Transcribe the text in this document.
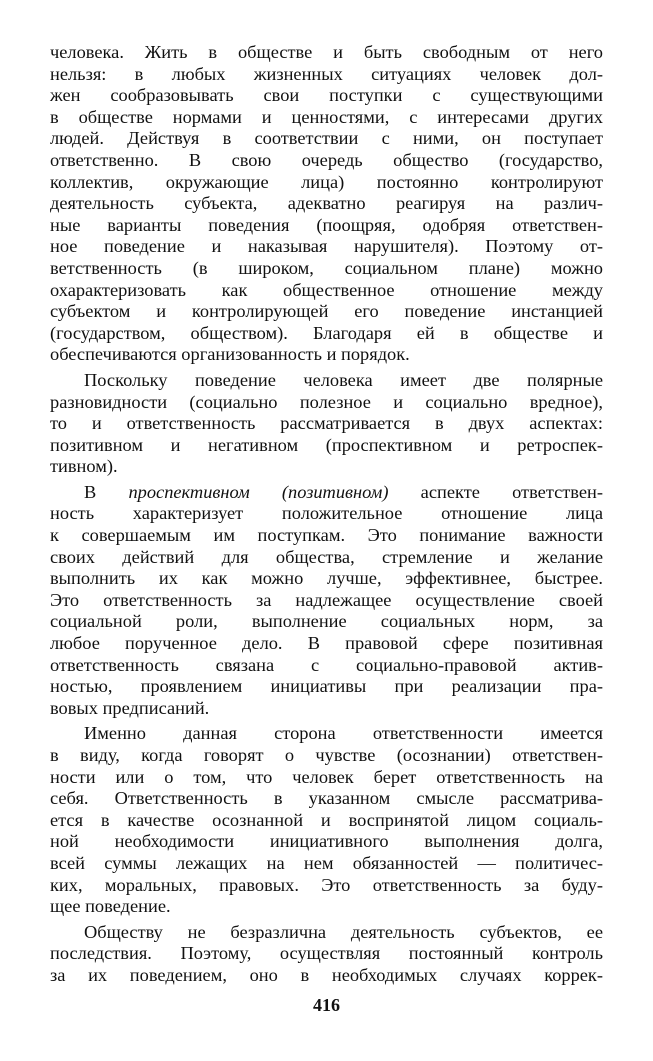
человека. Жить в обществе и быть свободным от него
нельзя: в любых жизненных ситуациях человек дол-
жен сообразовывать свои поступки с существующими
в обществе нормами и ценностями, с интересами других
людей. Действуя в соответствии с ними, он поступает
ответственно. В свою очередь общество (государство,
коллектив, окружающие лица) постоянно контролируют
деятельность субъекта, адекватно реагируя на различ-
ные варианты поведения (поощряя, одобряя ответствен-
ное поведение и наказывая нарушителя). Поэтому от-
ветственность (в широком, социальном плане) можно
охарактеризовать как общественное отношение между
субъектом и контролирующей его поведение инстанцией
(государством, обществом). Благодаря ей в обществе и
обеспечиваются организованность и порядок.
Поскольку поведение человека имеет две полярные
разновидности (социально полезное и социально вредное),
то и ответственность рассматривается в двух аспектах:
позитивном и негативном (проспективном и ретроспек-
тивном).
В проспективном (позитивном) аспекте ответствен-
ность характеризует положительное отношение лица
к совершаемым им поступкам. Это понимание важности
своих действий для общества, стремление и желание
выполнить их как можно лучше, эффективнее, быстрее.
Это ответственность за надлежащее осуществление своей
социальной роли, выполнение социальных норм, за
любое порученное дело. В правовой сфере позитивная
ответственность связана с социально-правовой актив-
ностью, проявлением инициативы при реализации пра-
вовых предписаний.
Именно данная сторона ответственности имеется
в виду, когда говорят о чувстве (осознании) ответствен-
ности или о том, что человек берет ответственность на
себя. Ответственность в указанном смысле рассматрива-
ется в качестве осознанной и воспринятой лицом социаль-
ной необходимости инициативного выполнения долга,
всей суммы лежащих на нем обязанностей — политичес-
ких, моральных, правовых. Это ответственность за буду-
щее поведение.
Обществу не безразлична деятельность субъектов, ее
последствия. Поэтому, осуществляя постоянный контроль
за их поведением, оно в необходимых случаях коррек-
416
